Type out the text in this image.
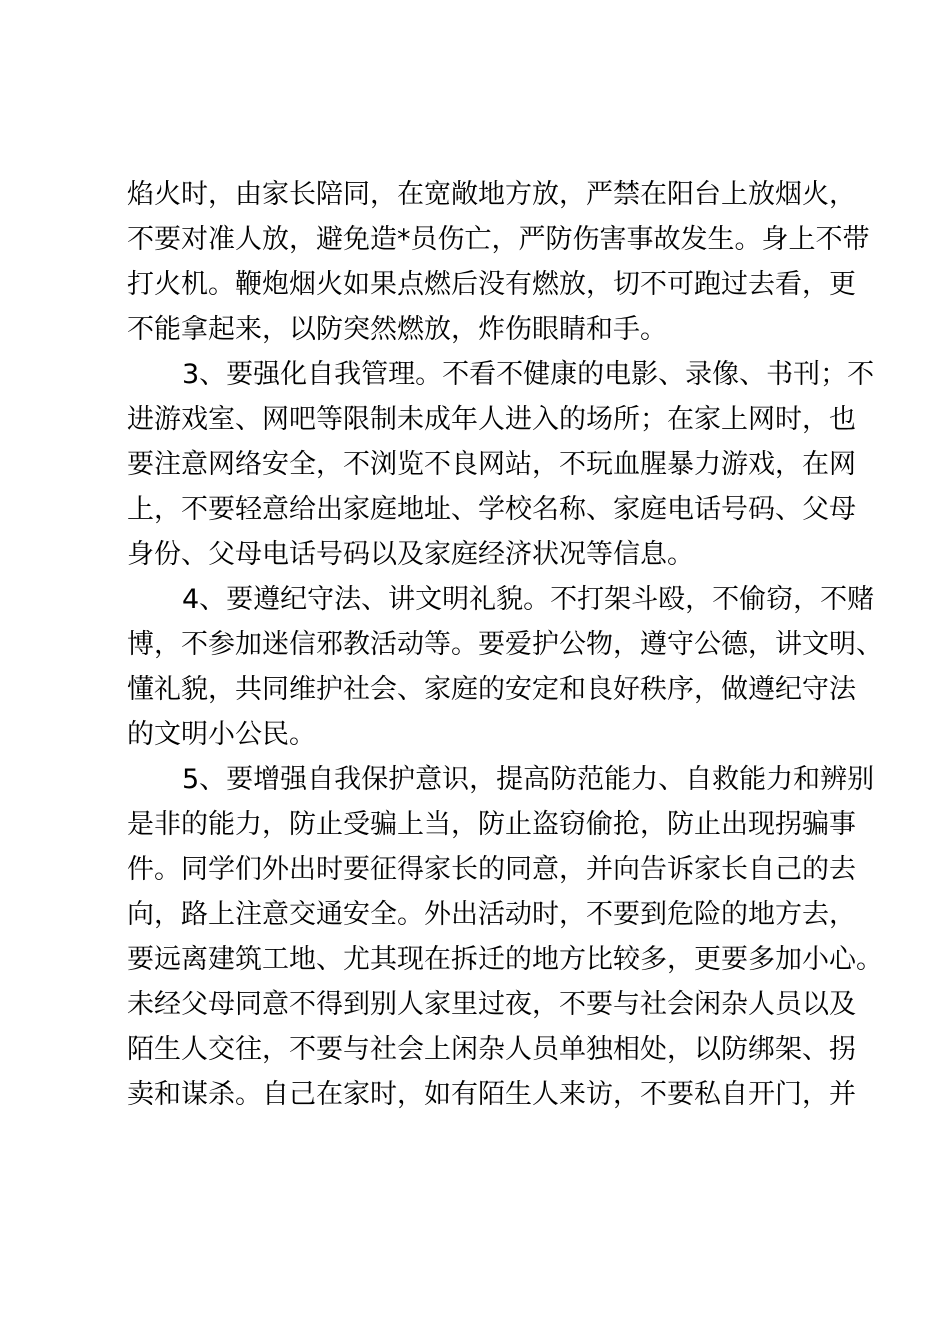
焰火时，由家长陪同，在宽敞地方放，严禁在阳台上放烟火，
不要对准人放，避免造*员伤亡，严防伤害事故发生。身上不带
打火机。鞭炮烟火如果点燃后没有燃放，切不可跑过去看，更
不能拿起来，以防突然燃放，炸伤眼睛和手。
3、要强化自我管理。不看不健康的电影、录像、书刊；不
进游戏室、网吧等限制未成年人进入的场所；在家上网时，也
要注意网络安全，不浏览不良网站，不玩血腥暴力游戏，在网
上，不要轻意给出家庭地址、学校名称、家庭电话号码、父母
身份、父母电话号码以及家庭经济状况等信息。
4、要遵纪守法、讲文明礼貌。不打架斗殴，不偷窃，不赌
博，不参加迷信邪教活动等。要爱护公物，遵守公德，讲文明、
懂礼貌，共同维护社会、家庭的安定和良好秩序，做遵纪守法
的文明小公民。
5、要增强自我保护意识，提高防范能力、自救能力和辨别
是非的能力，防止受骗上当，防止盗窃偷抢，防止出现拐骗事
件。同学们外出时要征得家长的同意，并向告诉家长自己的去
向，路上注意交通安全。外出活动时，不要到危险的地方去，
要远离建筑工地、尤其现在拆迁的地方比较多，更要多加小心。
未经父母同意不得到别人家里过夜，不要与社会闲杂人员以及
陌生人交往，不要与社会上闲杂人员单独相处，以防绑架、拐
卖和谋杀。自己在家时，如有陌生人来访，不要私自开门，并
